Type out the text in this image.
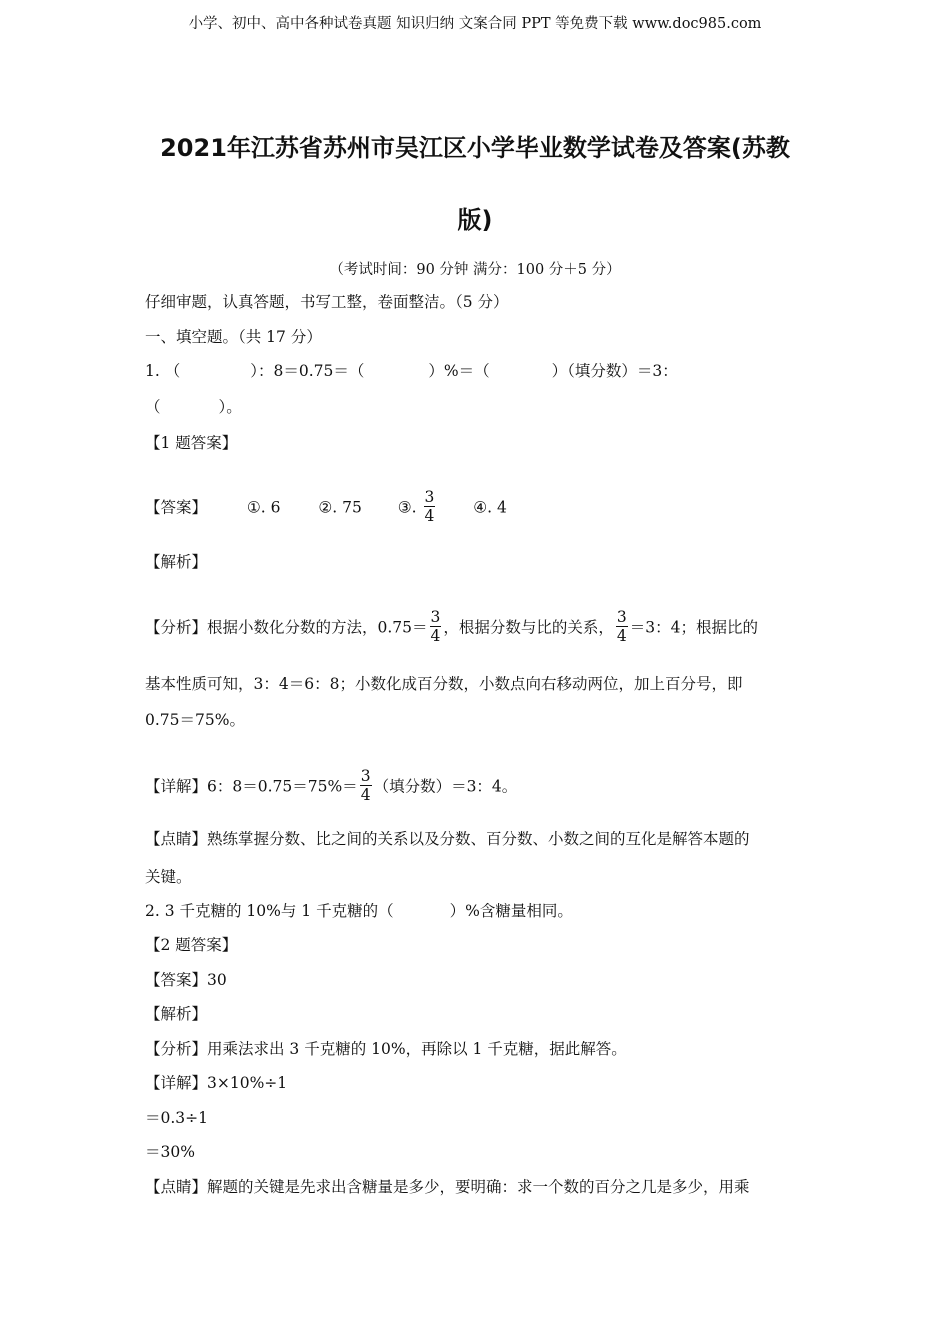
小学、初中、高中各种试卷真题 知识归纳 文案合同 PPT 等免费下载 www.doc985.com
2021年江苏省苏州市吴江区小学毕业数学试卷及答案(苏教
版)
（考试时间：90 分钟 满分：100 分＋5 分）
仔细审题，认真答题，书写工整，卷面整洁。（5 分）
一、填空题。（共 17 分）
1. （	）：8＝0.75＝（	）%＝（	）（填分数）＝3：
（	）。
【1 题答案】
【答案】	①. 6 ②. 75 ③. $\frac{3}{4}$ ④. 4
【解析】
【分析】根据小数化分数的方法，$0.75= \frac{3}{4}$ ，根据分数与比的关系， $\frac{3}{4} =3$：4；根据比的
基本性质可知，3：4＝6：8；小数化成百分数，小数点向右移动两位，加上百分号，即
0.75＝75%。
【详解】6：$8=0.75=75\%= \frac{3}{4}$ （填分数）＝3：4。
【点睛】熟练掌握分数、比之间的关系以及分数、百分数、小数之间的互化是解答本题的
关键。
2. 3 千克糖的 10%与 1 千克糖的（	）%含糖量相同。
【2 题答案】
【答案】30
【解析】
【分析】用乘法求出 3 千克糖的 10%，再除以 1 千克糖，据此解答。
【详解】3×10%÷1
＝0.3÷1
＝30%
【点睛】解题的关键是先求出含糖量是多少，要明确：求一个数的百分之几是多少，用乘
